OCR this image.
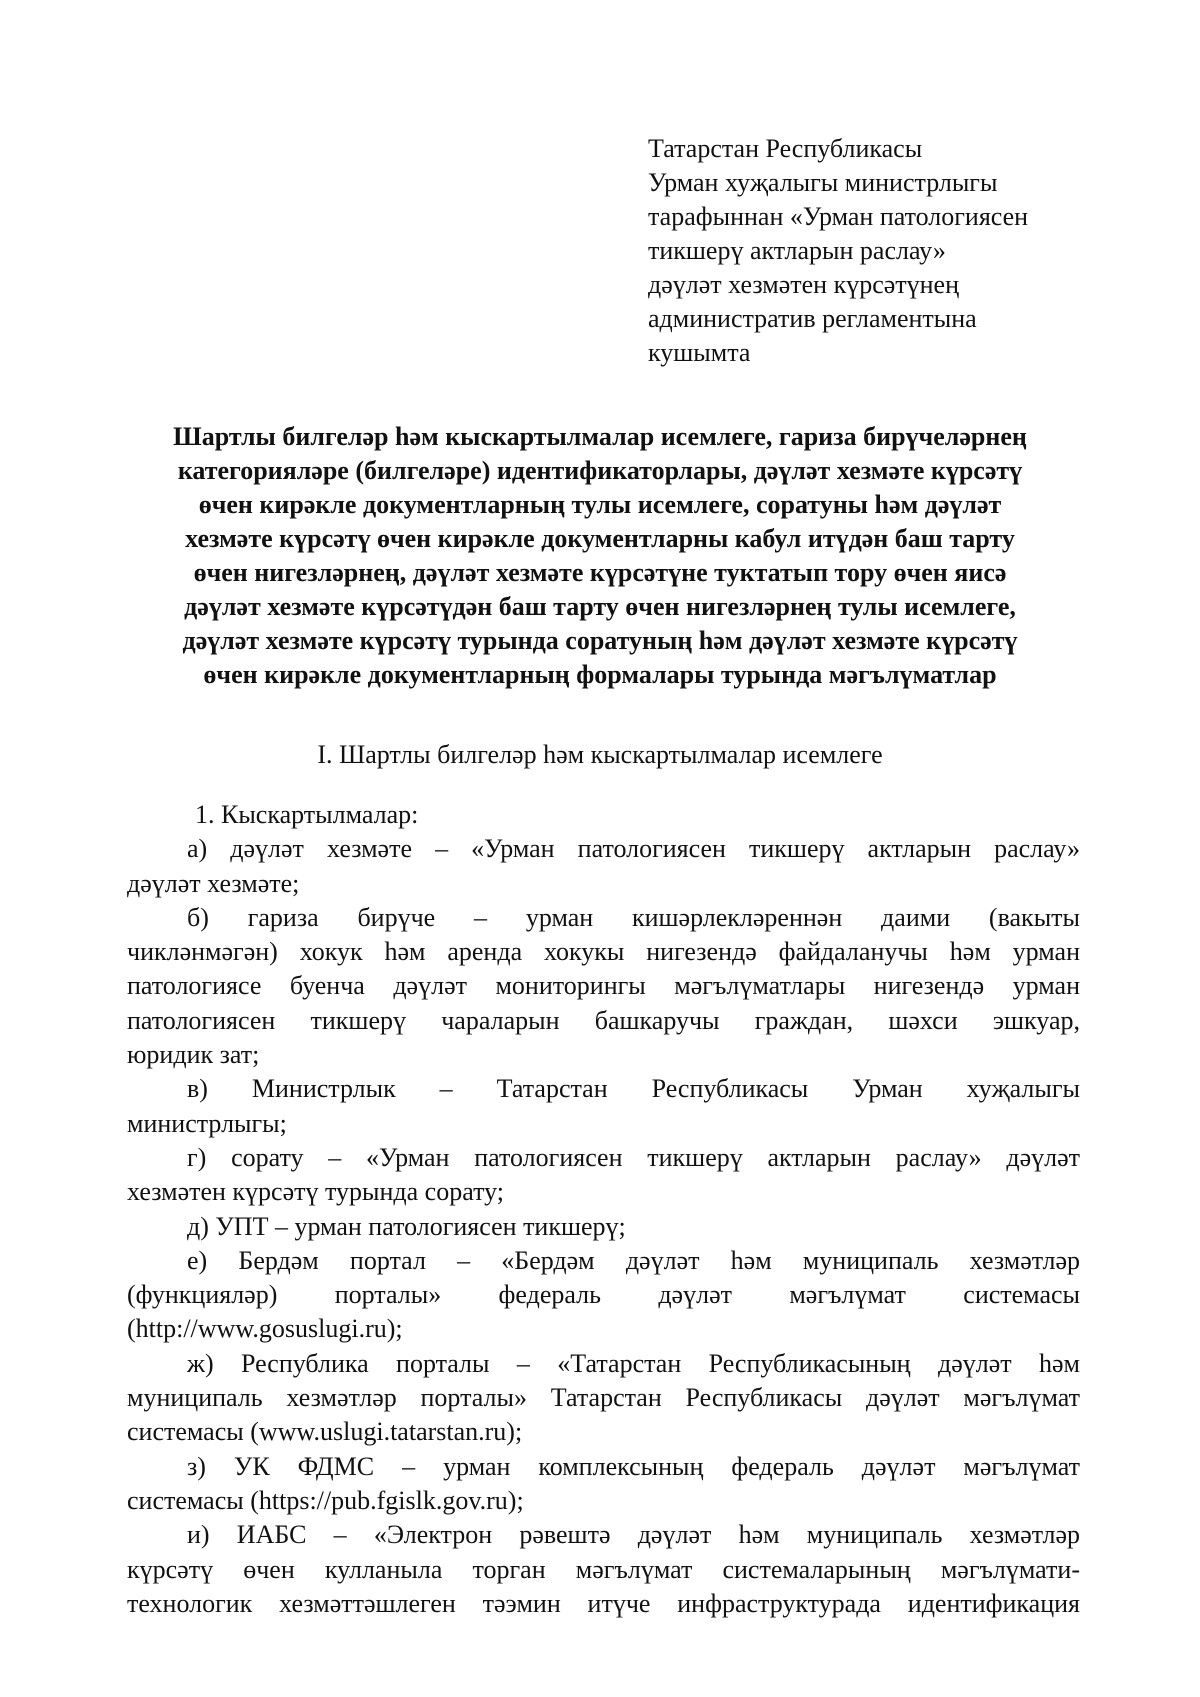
Татарстан Республикасы
Урман хуҗалыгы министрлыгы
тарафыннан «Урман патологиясен
тикшерү актларын раслау»
дәүләт хезмәтен күрсәтүнең
административ регламентына
кушымта
Шартлы билгеләр һәм кыскартылмалар исемлеге, гариза бирүчеләрнең
категорияләре (билгеләре) идентификаторлары, дәүләт хезмәте күрсәтү
өчен кирәкле документларның тулы исемлеге, соратуны һәм дәүләт
хезмәте күрсәтү өчен кирәкле документларны кабул итүдән баш тарту
өчен нигезләрнең, дәүләт хезмәте күрсәтүне туктатып тору өчен яисә
дәүләт хезмәте күрсәтүдән баш тарту өчен нигезләрнең тулы исемлеге,
дәүләт хезмәте күрсәтү турында соратуның һәм дәүләт хезмәте күрсәтү
өчен кирәкле документларның формалары турында мәгълүматлар
I. Шартлы билгеләр һәм кыскартылмалар исемлеге
1. Кыскартылмалар:
а) дәүләт хезмәте – «Урман патологиясен тикшерү актларын раслау»
дәүләт хезмәте;
б) гариза бирүче – урман кишәрлекләреннән даими (вакыты
чикләнмәгән) хокук һәм аренда хокукы нигезендә файдаланучы һәм урман
патологиясе буенча дәүләт мониторингы мәгълүматлары нигезендә урман
патологиясен тикшерү чараларын башкаручы граждан, шәхси эшкуар,
юридик зат;
в) Министрлык – Татарстан Республикасы Урман хуҗалыгы
министрлыгы;
г) сорату – «Урман патологиясен тикшерү актларын раслау» дәүләт
хезмәтен күрсәтү турында сорату;
д) УПТ – урман патологиясен тикшерү;
е) Бердәм портал – «Бердәм дәүләт һәм муниципаль хезмәтләр
(функцияләр) порталы» федераль дәүләт мәгълүмат системасы
(http://www.gosuslugi.ru);
ж) Республика порталы – «Татарстан Республикасының дәүләт һәм
муниципаль хезмәтләр порталы» Татарстан Республикасы дәүләт мәгълүмат
системасы (www.uslugi.tatarstan.ru);
з) УК ФДМС – урман комплексының федераль дәүләт мәгълүмат
системасы (https://pub.fgislk.gov.ru);
и) ИАБС – «Электрон рәвештә дәүләт һәм муниципаль хезмәтләр
күрсәтү өчен кулланыла торган мәгълүмат системаларының мәгълүмати-
технологик хезмәттәшлеген тәэмин итүче инфраструктурада идентификация
